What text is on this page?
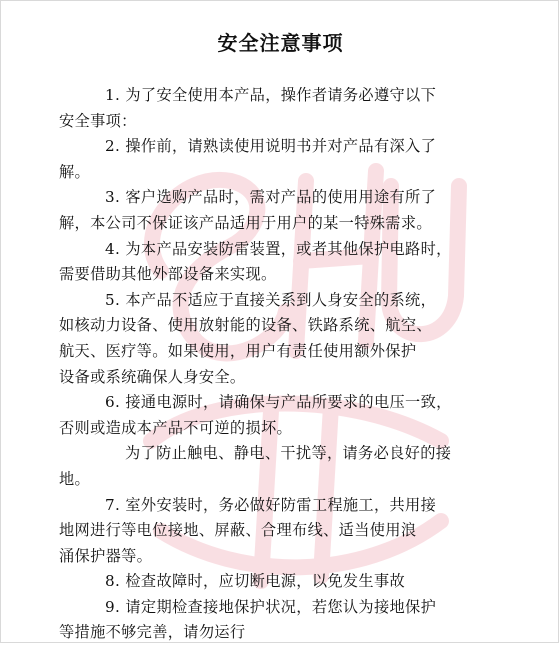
安全注意事项
1. 为了安全使用本产品，操作者请务必遵守以下
安全事项：
2. 操作前，请熟读使用说明书并对产品有深入了
解。
3. 客户选购产品时，需对产品的使用用途有所了
解，本公司不保证该产品适用于用户的某一特殊需求。
4. 为本产品安装防雷装置，或者其他保护电路时，
需要借助其他外部设备来实现。
5. 本产品不适应于直接关系到人身安全的系统，
如核动力设备、使用放射能的设备、铁路系统、航空、
航天、医疗等。如果使用，用户有责任使用额外保护
设备或系统确保人身安全。
6. 接通电源时，请确保与产品所要求的电压一致，
否则或造成本产品不可逆的损坏。
为了防止触电、静电、干扰等，请务必良好的接
地。
7. 室外安装时，务必做好防雷工程施工，共用接
地网进行等电位接地、屏蔽、合理布线、适当使用浪
涌保护器等。
8. 检查故障时，应切断电源，以免发生事故
9. 请定期检查接地保护状况，若您认为接地保护
等措施不够完善，请勿运行
